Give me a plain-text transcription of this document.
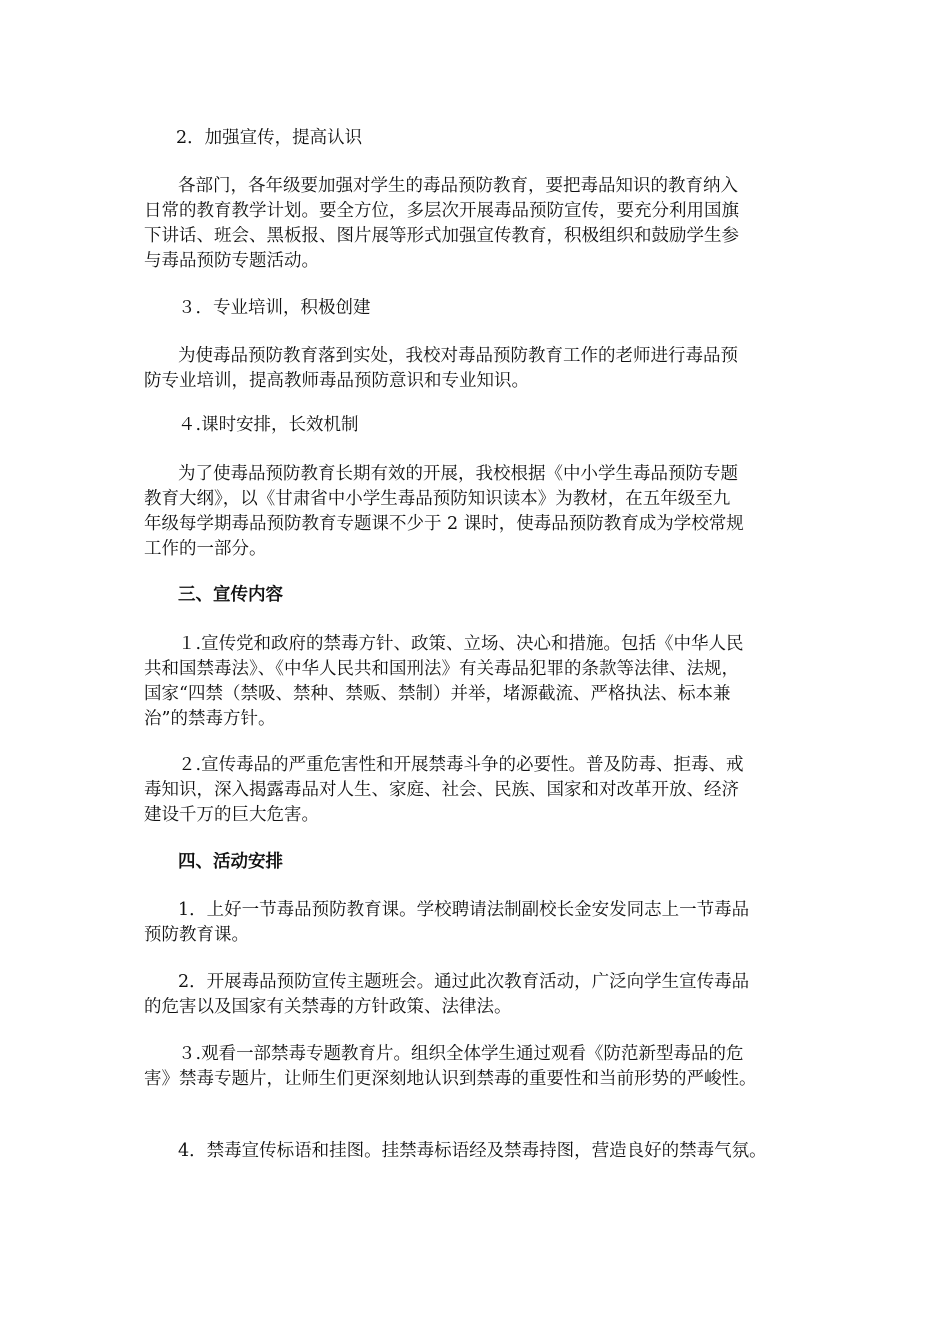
2．加强宣传，提高认识
各部门，各年级要加强对学生的毒品预防教育，要把毒品知识的教育纳入
日常的教育教学计划。要全方位，多层次开展毒品预防宣传，要充分利用国旗
下讲话、班会、黑板报、图片展等形式加强宣传教育，积极组织和鼓励学生参
与毒品预防专题活动。
３．专业培训，积极创建
为使毒品预防教育落到实处，我校对毒品预防教育工作的老师进行毒品预
防专业培训，提高教师毒品预防意识和专业知识。
４.课时安排，长效机制
为了使毒品预防教育长期有效的开展，我校根据《中小学生毒品预防专题
教育大纲》，以《甘肃省中小学生毒品预防知识读本》为教材，在五年级至九
年级每学期毒品预防教育专题课不少于 2 课时，使毒品预防教育成为学校常规
工作的一部分。
三、宣传内容
１.宣传党和政府的禁毒方针、政策、立场、决心和措施。包括《中华人民
共和国禁毒法》、《中华人民共和国刑法》有关毒品犯罪的条款等法律、法规，
国家“四禁（禁吸、禁种、禁贩、禁制）并举，堵源截流、严格执法、标本兼
治”的禁毒方针。
２.宣传毒品的严重危害性和开展禁毒斗争的必要性。普及防毒、拒毒、戒
毒知识，深入揭露毒品对人生、家庭、社会、民族、国家和对改革开放、经济
建设千万的巨大危害。
四、活动安排
1．上好一节毒品预防教育课。学校聘请法制副校长金安发同志上一节毒品
预防教育课。
2．开展毒品预防宣传主题班会。通过此次教育活动，广泛向学生宣传毒品
的危害以及国家有关禁毒的方针政策、法律法。
３.观看一部禁毒专题教育片。组织全体学生通过观看《防范新型毒品的危
害》禁毒专题片，让师生们更深刻地认识到禁毒的重要性和当前形势的严峻性。
4．禁毒宣传标语和挂图。挂禁毒标语经及禁毒持图，营造良好的禁毒气氛。
